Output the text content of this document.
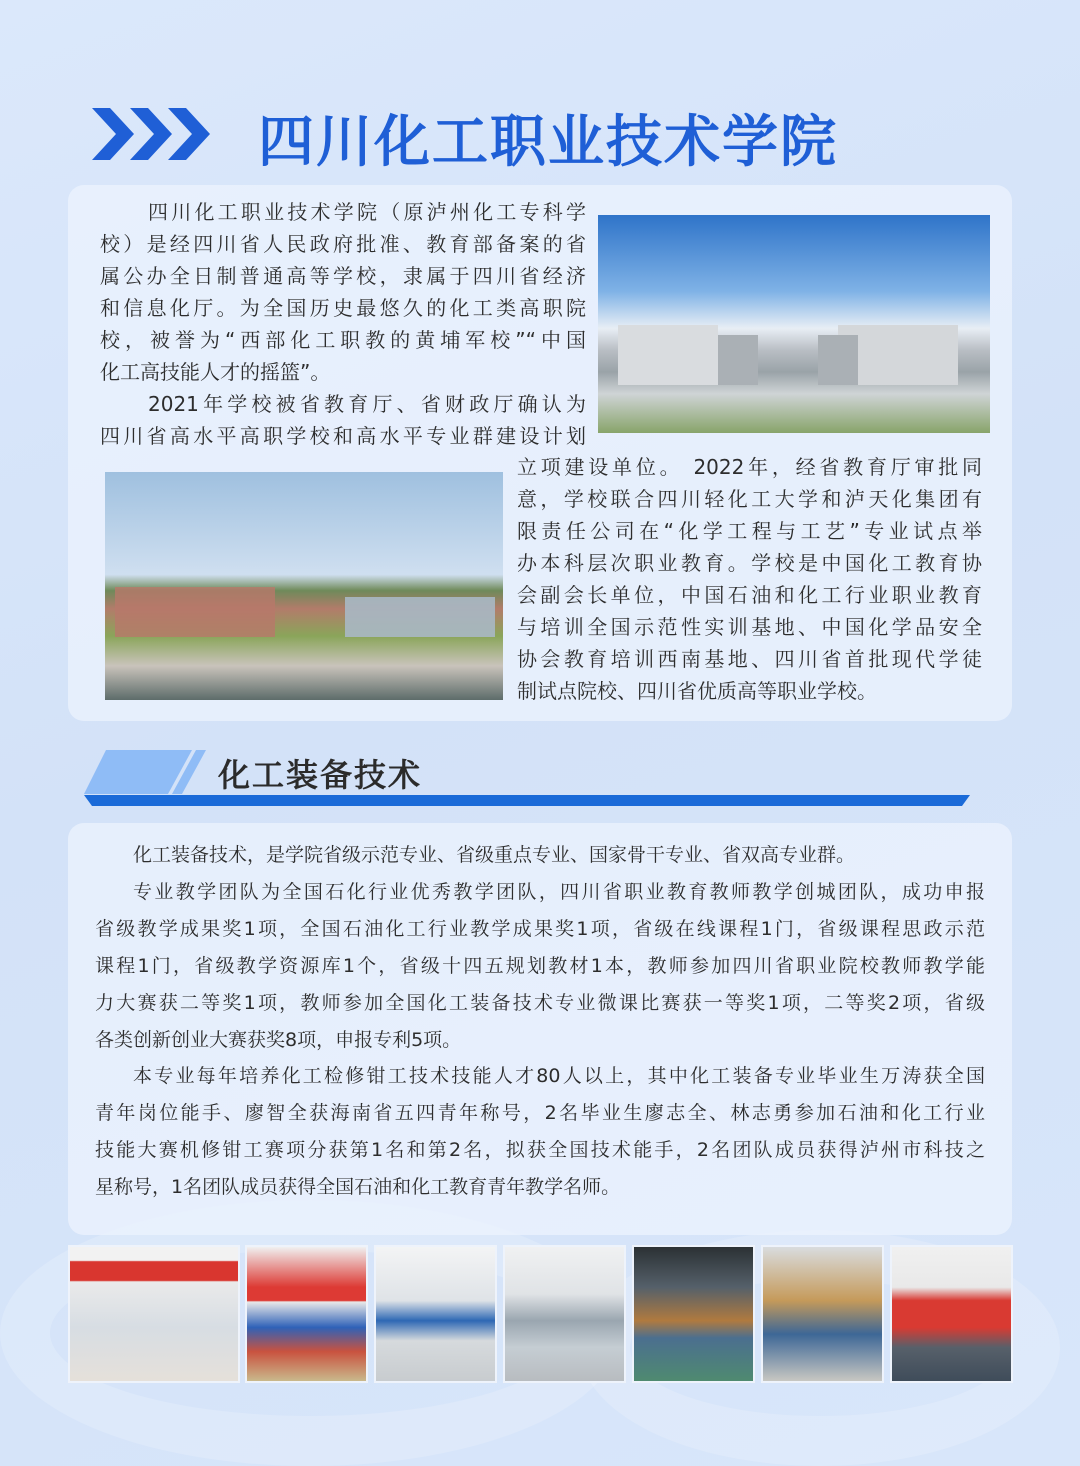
四川化工职业技术学院
四川化工职业技术学院（原泸州化工专科学
校）是经四川省人民政府批准、教育部备案的省
属公办全日制普通高等学校，隶属于四川省经济
和信息化厅。为全国历史最悠久的化工类高职院
校，被誉为“西部化工职教的黄埔军校”“中国
化工高技能人才的摇篮”。
2021年学校被省教育厅、省财政厅确认为
四川省高水平高职学校和高水平专业群建设计划
立项建设单位。 2022年，经省教育厅审批同
意，学校联合四川轻化工大学和泸天化集团有
限责任公司在“化学工程与工艺”专业试点举
办本科层次职业教育。学校是中国化工教育协
会副会长单位，中国石油和化工行业职业教育
与培训全国示范性实训基地、中国化学品安全
协会教育培训西南基地、四川省首批现代学徒
制试点院校、四川省优质高等职业学校。
化工装备技术
化工装备技术，是学院省级示范专业、省级重点专业、国家骨干专业、省双高专业群。
专业教学团队为全国石化行业优秀教学团队，四川省职业教育教师教学创城团队，成功申报
省级教学成果奖1项，全国石油化工行业教学成果奖1项，省级在线课程1门，省级课程思政示范
课程1门，省级教学资源库1个，省级十四五规划教材1本，教师参加四川省职业院校教师教学能
力大赛获二等奖1项，教师参加全国化工装备技术专业微课比赛获一等奖1项，二等奖2项，省级
各类创新创业大赛获奖8项，申报专利5项。
本专业每年培养化工检修钳工技术技能人才80人以上，其中化工装备专业毕业生万涛获全国
青年岗位能手、廖智全获海南省五四青年称号，2名毕业生廖志全、林志勇参加石油和化工行业
技能大赛机修钳工赛项分获第1名和第2名，拟获全国技术能手，2名团队成员获得泸州市科技之
星称号，1名团队成员获得全国石油和化工教育青年教学名师。
